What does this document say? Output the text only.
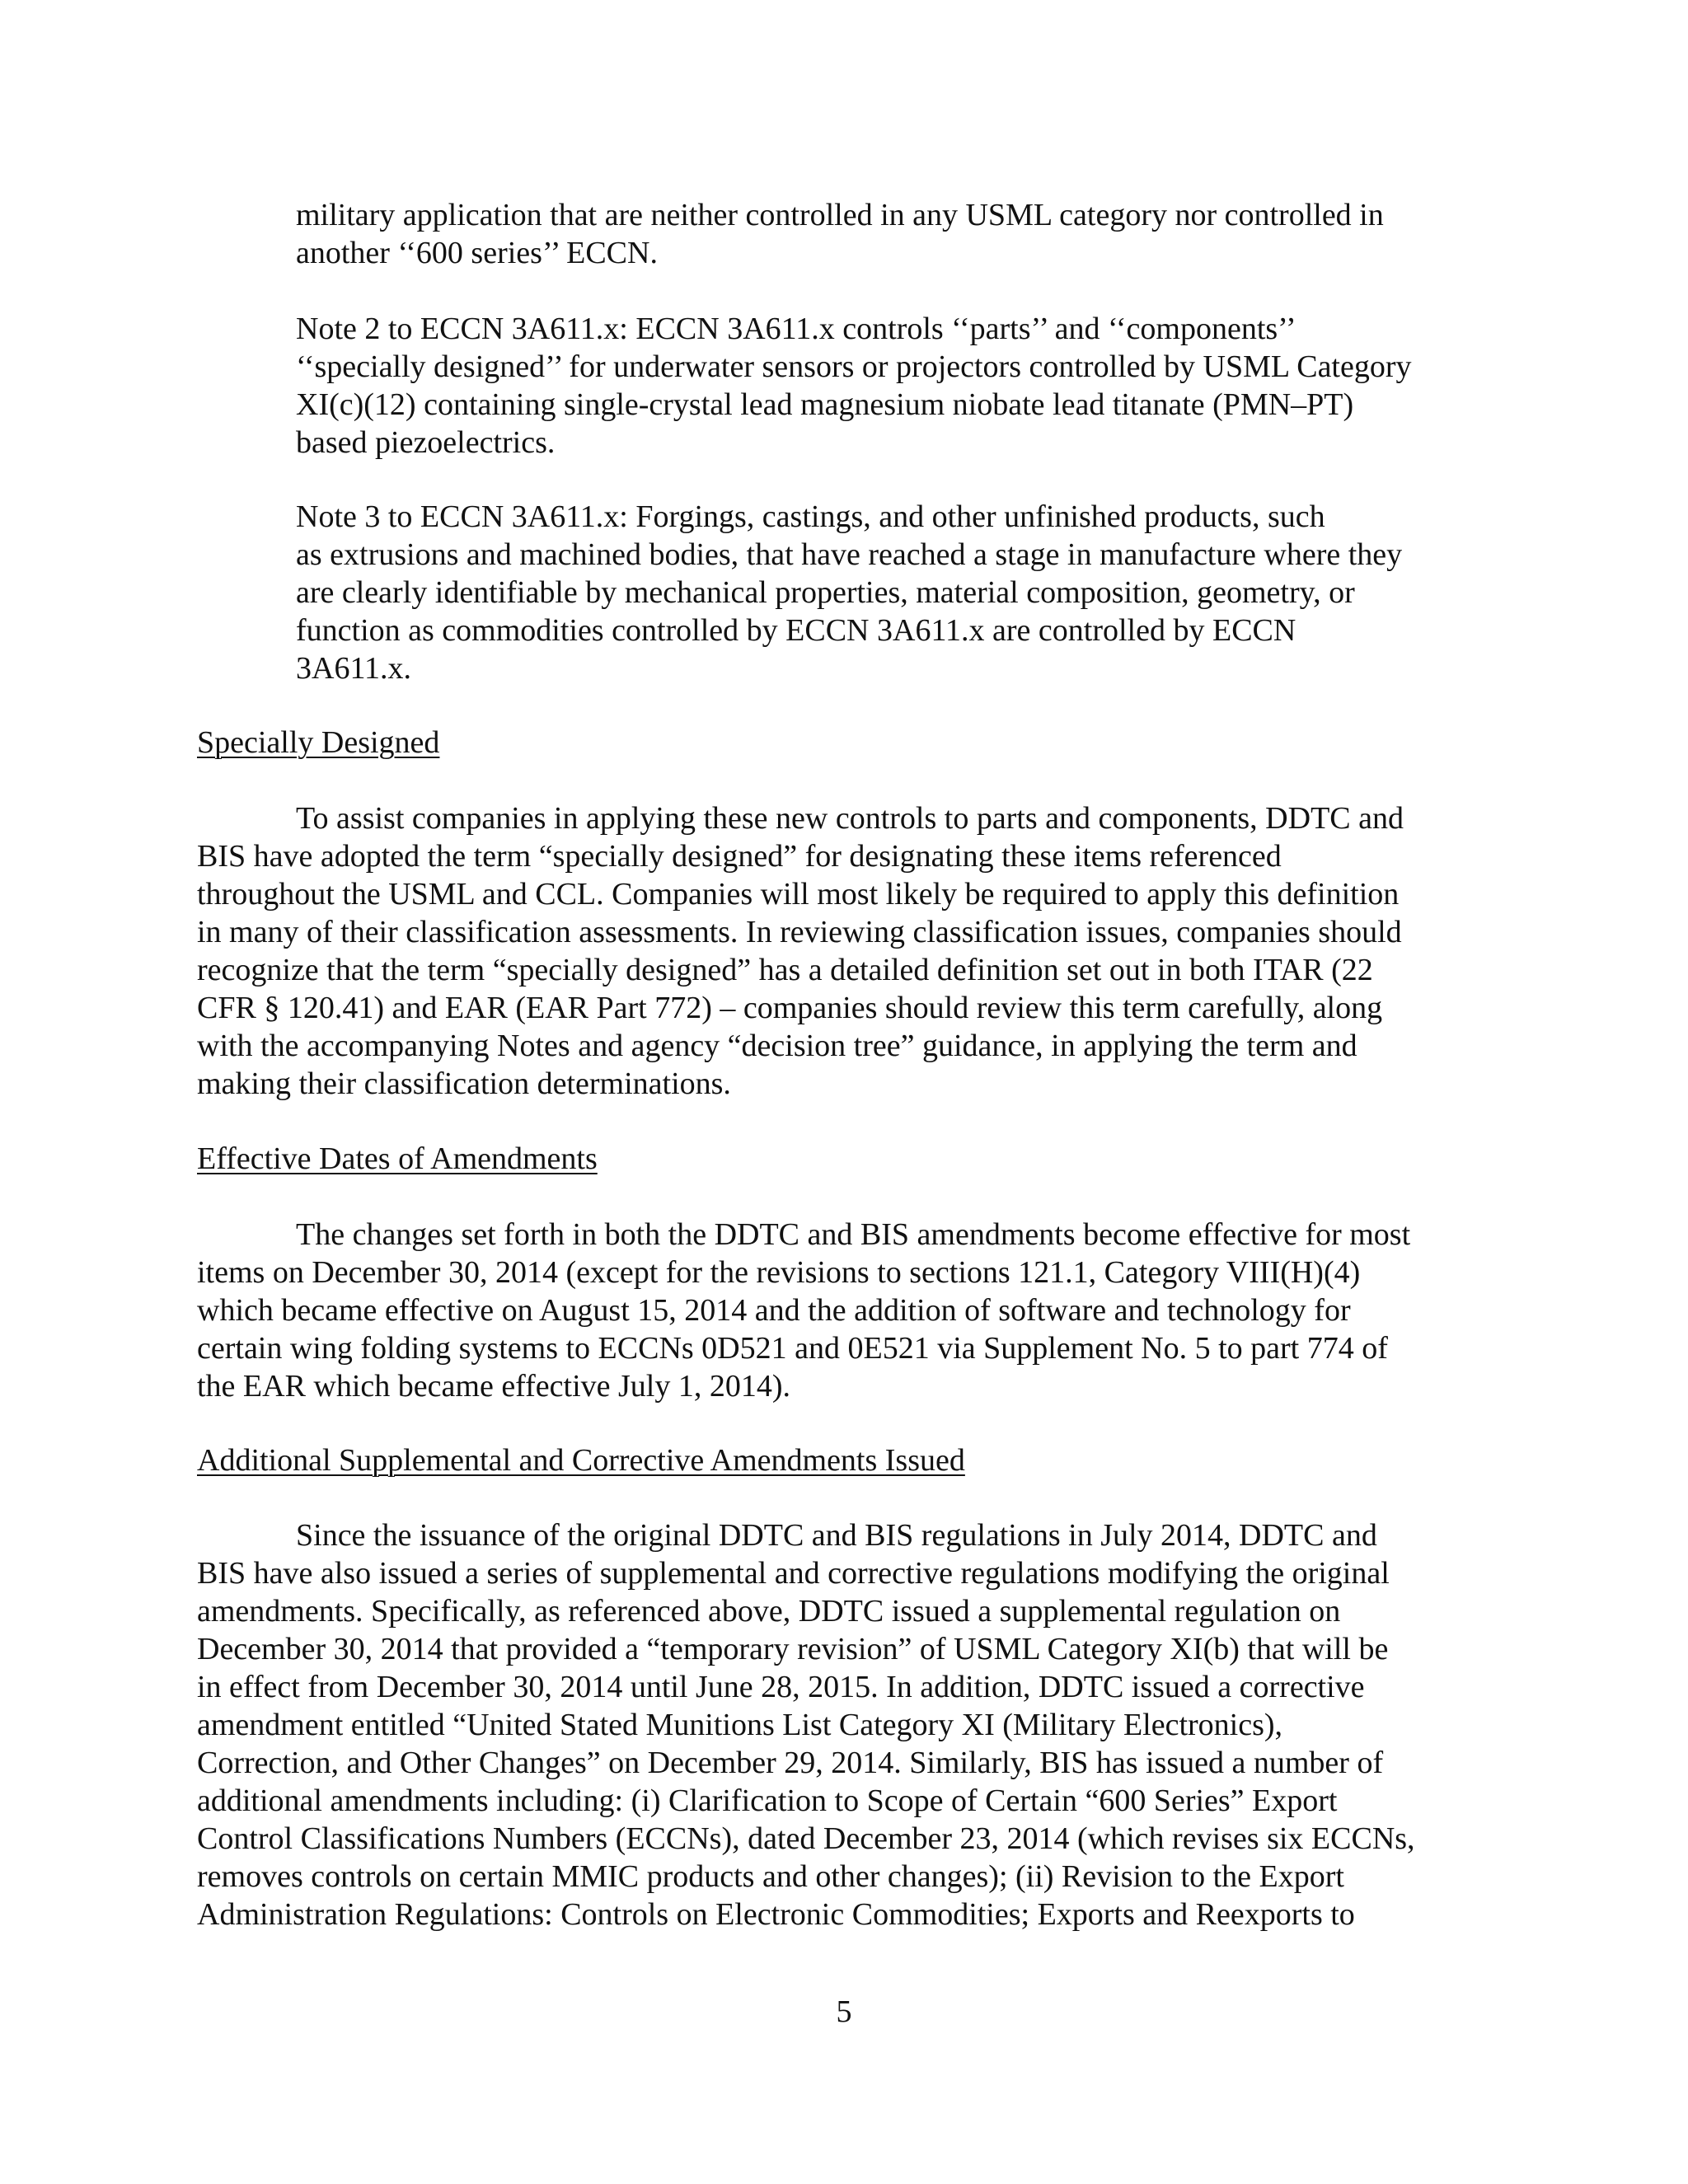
military application that are neither controlled in any USML category nor controlled in
another ‘‘600 series’’ ECCN.
Note 2 to ECCN 3A611.x: ECCN 3A611.x controls ‘‘parts’’ and ‘‘components’’
‘‘specially designed’’ for underwater sensors or projectors controlled by USML Category
XI(c)(12) containing single-crystal lead magnesium niobate lead titanate (PMN–PT)
based piezoelectrics.
Note 3 to ECCN 3A611.x: Forgings, castings, and other unfinished products, such
as extrusions and machined bodies, that have reached a stage in manufacture where they
are clearly identifiable by mechanical properties, material composition, geometry, or
function as commodities controlled by ECCN 3A611.x are controlled by ECCN
3A611.x.
Specially Designed
To assist companies in applying these new controls to parts and components, DDTC and
BIS have adopted the term “specially designed” for designating these items referenced
throughout the USML and CCL. Companies will most likely be required to apply this definition
in many of their classification assessments. In reviewing classification issues, companies should
recognize that the term “specially designed” has a detailed definition set out in both ITAR (22
CFR § 120.41) and EAR (EAR Part 772) – companies should review this term carefully, along
with the accompanying Notes and agency “decision tree” guidance, in applying the term and
making their classification determinations.
Effective Dates of Amendments
The changes set forth in both the DDTC and BIS amendments become effective for most
items on December 30, 2014 (except for the revisions to sections 121.1, Category VIII(H)(4)
which became effective on August 15, 2014 and the addition of software and technology for
certain wing folding systems to ECCNs 0D521 and 0E521 via Supplement No. 5 to part 774 of
the EAR which became effective July 1, 2014).
Additional Supplemental and Corrective Amendments Issued
Since the issuance of the original DDTC and BIS regulations in July 2014, DDTC and
BIS have also issued a series of supplemental and corrective regulations modifying the original
amendments. Specifically, as referenced above, DDTC issued a supplemental regulation on
December 30, 2014 that provided a “temporary revision” of USML Category XI(b) that will be
in effect from December 30, 2014 until June 28, 2015. In addition, DDTC issued a corrective
amendment entitled “United Stated Munitions List Category XI (Military Electronics),
Correction, and Other Changes” on December 29, 2014. Similarly, BIS has issued a number of
additional amendments including: (i) Clarification to Scope of Certain “600 Series” Export
Control Classifications Numbers (ECCNs), dated December 23, 2014 (which revises six ECCNs,
removes controls on certain MMIC products and other changes); (ii) Revision to the Export
Administration Regulations: Controls on Electronic Commodities; Exports and Reexports to
5
